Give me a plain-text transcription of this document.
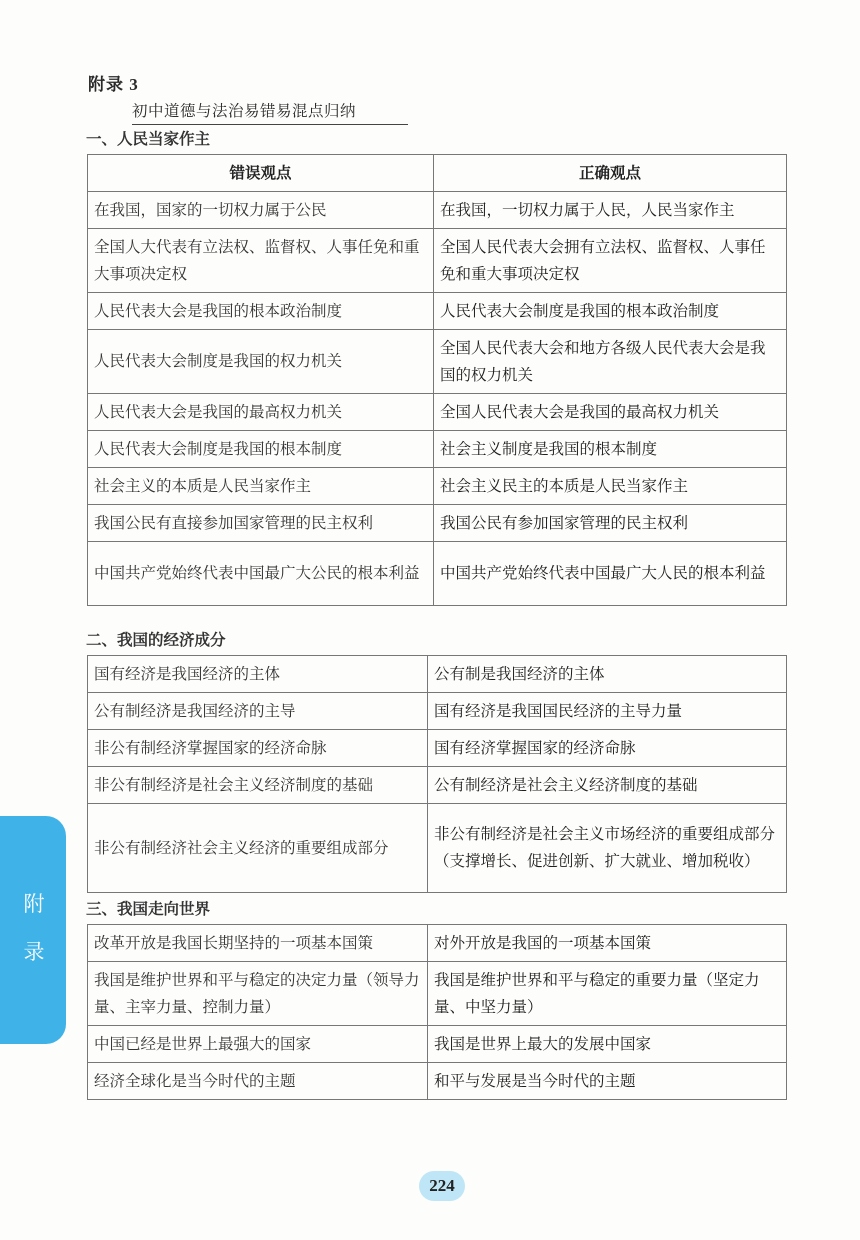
附录 3
初中道德与法治易错易混点归纳
一、人民当家作主
错误观点	正确观点
在我国，国家的一切权力属于公民	在我国，一切权力属于人民，人民当家作主
全国人大代表有立法权、监督权、人事任免和重大事项决定权	全国人民代表大会拥有立法权、监督权、人事任免和重大事项决定权
人民代表大会是我国的根本政治制度	人民代表大会制度是我国的根本政治制度
人民代表大会制度是我国的权力机关	全国人民代表大会和地方各级人民代表大会是我国的权力机关
人民代表大会是我国的最高权力机关	全国人民代表大会是我国的最高权力机关
人民代表大会制度是我国的根本制度	社会主义制度是我国的根本制度
社会主义的本质是人民当家作主	社会主义民主的本质是人民当家作主
我国公民有直接参加国家管理的民主权利	我国公民有参加国家管理的民主权利
中国共产党始终代表中国最广大公民的根本利益	中国共产党始终代表中国最广大人民的根本利益
二、我国的经济成分
国有经济是我国经济的主体	公有制是我国经济的主体
公有制经济是我国经济的主导	国有经济是我国国民经济的主导力量
非公有制经济掌握国家的经济命脉	国有经济掌握国家的经济命脉
非公有制经济是社会主义经济制度的基础	公有制经济是社会主义经济制度的基础
非公有制经济社会主义经济的重要组成部分	非公有制经济是社会主义市场经济的重要组成部分（支撑增长、促进创新、扩大就业、增加税收）
三、我国走向世界
改革开放是我国长期坚持的一项基本国策	对外开放是我国的一项基本国策
我国是维护世界和平与稳定的决定力量（领导力量、主宰力量、控制力量）	我国是维护世界和平与稳定的重要力量（坚定力量、中坚力量）
中国已经是世界上最强大的国家	我国是世界上最大的发展中国家
经济全球化是当今时代的主题	和平与发展是当今时代的主题
附
录
224
